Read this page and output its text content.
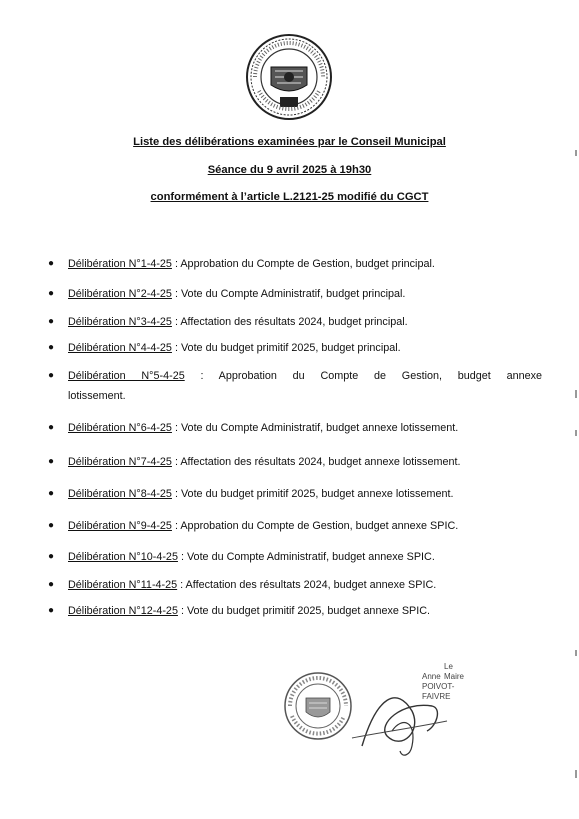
Liste des délibérations examinées par le Conseil Municipal
Séance du 9 avril 2025 à 19h30
conformément à l’article L.2121-25 modifié du CGCT
● Délibération N°1-4-25 : Approbation du Compte de Gestion, budget principal.
● Délibération N°2-4-25 : Vote du Compte Administratif, budget principal.
● Délibération N°3-4-25 : Affectation des résultats 2024, budget principal.
● Délibération N°4-4-25 : Vote du budget primitif 2025, budget principal.
● Délibération N°5-4-25 : Approbation du Compte de Gestion, budget annexe
lotissement.
● Délibération N°6-4-25 : Vote du Compte Administratif, budget annexe lotissement.
● Délibération N°7-4-25 : Affectation des résultats 2024, budget annexe lotissement.
● Délibération N°8-4-25 : Vote du budget primitif 2025, budget annexe lotissement.
● Délibération N°9-4-25 : Approbation du Compte de Gestion, budget annexe SPIC.
● Délibération N°10-4-25 : Vote du Compte Administratif, budget annexe SPIC.
● Délibération N°11-4-25 : Affectation des résultats 2024, budget annexe SPIC.
● Délibération N°12-4-25 : Vote du budget primitif 2025, budget annexe SPIC.
Le Maire
Anne POIVOT-FAIVRE
